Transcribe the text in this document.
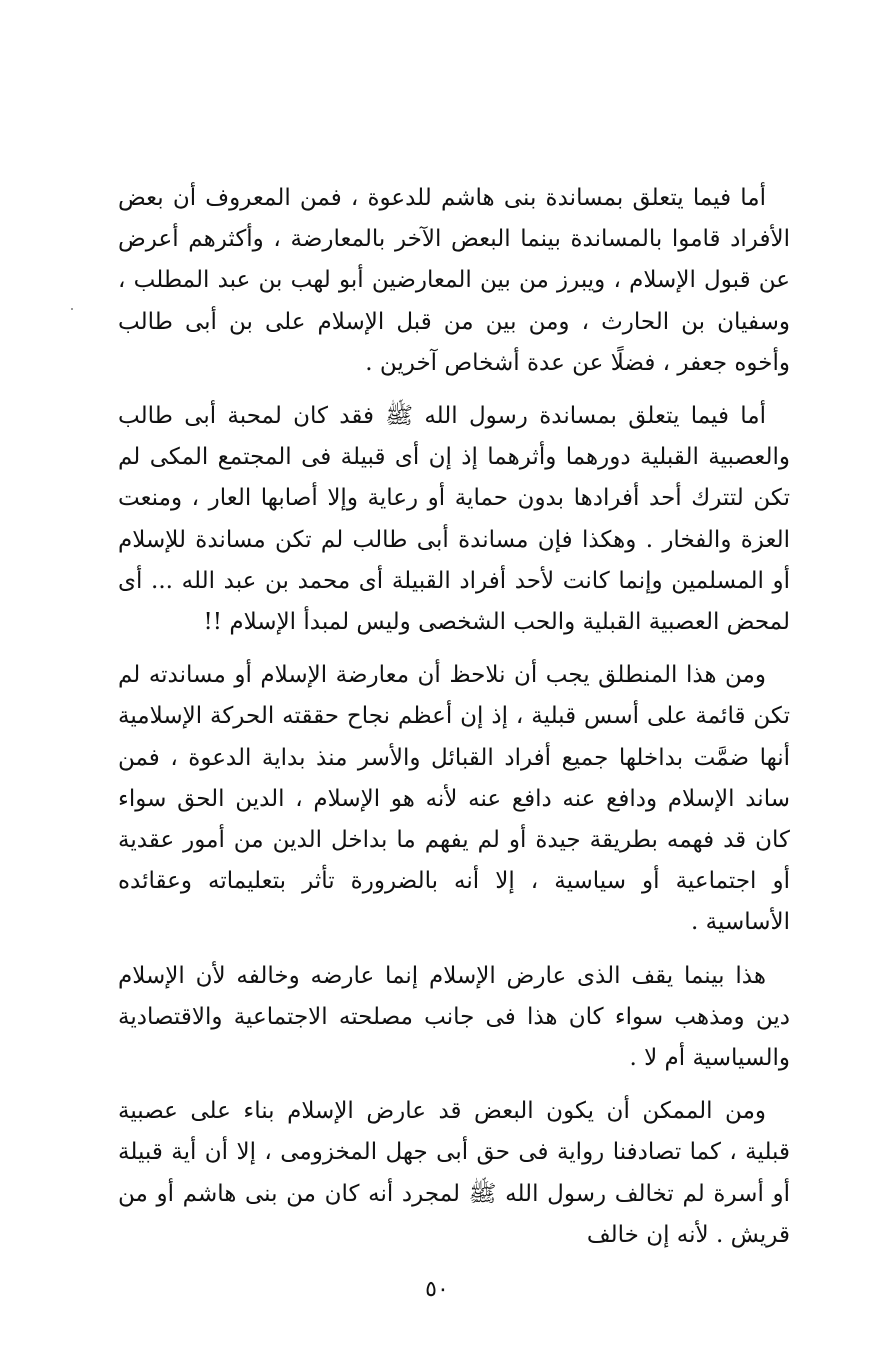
أما فيما يتعلق بمساندة بنى هاشم للدعوة ، فمن المعروف أن بعض الأفراد قاموا بالمساندة بينما البعض الآخر بالمعارضة ، وأكثرهم أعرض عن قبول الإسلام ، ويبرز من بين المعارضين أبو لهب بن عبد المطلب ، وسفيان بن الحارث ، ومن بين من قبل الإسلام على بن أبى طالب وأخوه جعفر ، فضلًا عن عدة أشخاص آخرين .

أما فيما يتعلق بمساندة رسول الله ﷺ فقد كان لمحبة أبى طالب والعصبية القبلية دورهما وأثرهما إذ إن أى قبيلة فى المجتمع المكى لم تكن لتترك أحد أفرادها بدون حماية أو رعاية وإلا أصابها العار ، ومنعت العزة والفخار . وهكذا فإن مساندة أبى طالب لم تكن مساندة للإسلام أو المسلمين وإنما كانت لأحد أفراد القبيلة أى محمد بن عبد الله ... أى لمحض العصبية القبلية والحب الشخصى وليس لمبدأ الإسلام !!

ومن هذا المنطلق يجب أن نلاحظ أن معارضة الإسلام أو مساندته لم تكن قائمة على أسس قبلية ، إذ إن أعظم نجاح حققته الحركة الإسلامية أنها ضمَّت بداخلها جميع أفراد القبائل والأسر منذ بداية الدعوة ، فمن ساند الإسلام ودافع عنه دافع عنه لأنه هو الإسلام ، الدين الحق سواء كان قد فهمه بطريقة جيدة أو لم يفهم ما بداخل الدين من أمور عقدية أو اجتماعية أو سياسية ، إلا أنه بالضرورة تأثر بتعليماته وعقائده الأساسية .

هذا بينما يقف الذى عارض الإسلام إنما عارضه وخالفه لأن الإسلام دين ومذهب سواء كان هذا فى جانب مصلحته الاجتماعية والاقتصادية والسياسية أم لا .

ومن الممكن أن يكون البعض قد عارض الإسلام بناء على عصبية قبلية ، كما تصادفنا رواية فى حق أبى جهل المخزومى ، إلا أن أية قبيلة أو أسرة لم تخالف رسول الله ﷺ لمجرد أنه كان من بنى هاشم أو من قريش . لأنه إن خالف

٥٠
